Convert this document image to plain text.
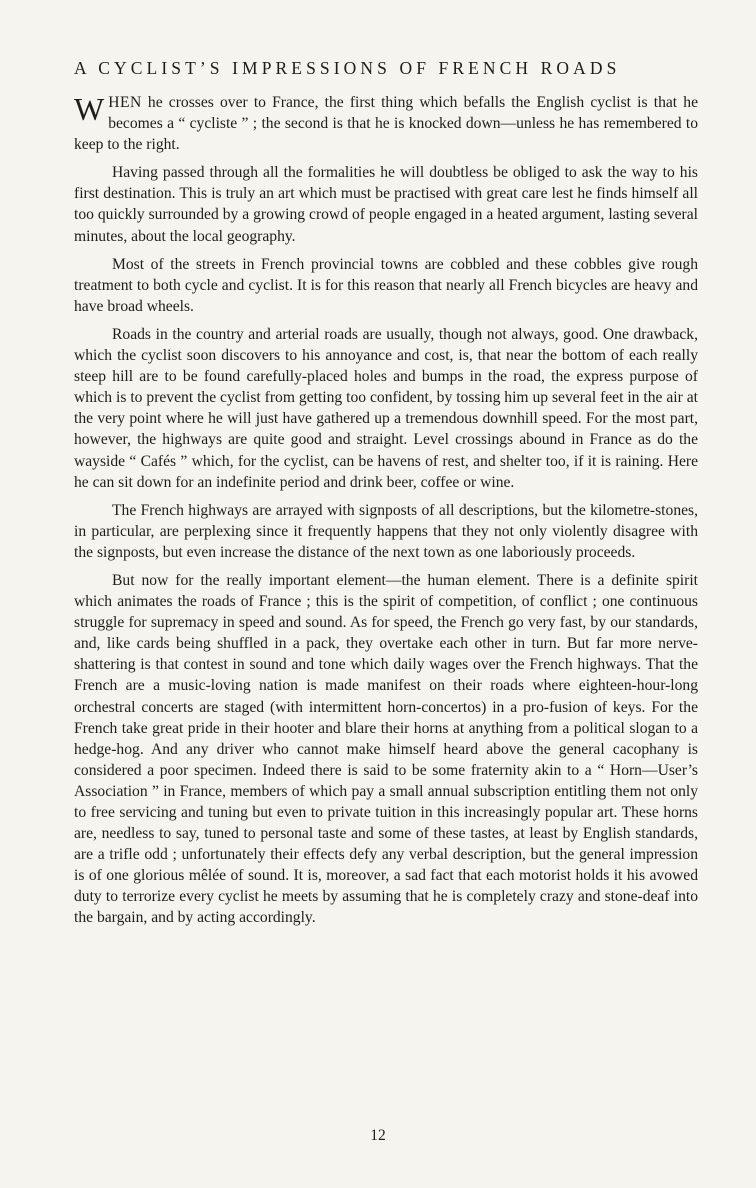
A CYCLIST’S IMPRESSIONS OF FRENCH ROADS

WHEN he crosses over to France, the first thing which befalls the English cyclist is that he becomes a “ cycliste ” ; the second is that he is knocked down—unless he has remembered to keep to the right.

Having passed through all the formalities he will doubtless be obliged to ask the way to his first destination. This is truly an art which must be practised with great care lest he finds himself all too quickly surrounded by a growing crowd of people engaged in a heated argument, lasting several minutes, about the local geography.

Most of the streets in French provincial towns are cobbled and these cobbles give rough treatment to both cycle and cyclist. It is for this reason that nearly all French bicycles are heavy and have broad wheels.

Roads in the country and arterial roads are usually, though not always, good. One drawback, which the cyclist soon discovers to his annoyance and cost, is, that near the bottom of each really steep hill are to be found carefully-placed holes and bumps in the road, the express purpose of which is to prevent the cyclist from getting too confident, by tossing him up several feet in the air at the very point where he will just have gathered up a tremendous downhill speed. For the most part, however, the highways are quite good and straight. Level crossings abound in France as do the wayside “ Cafés ” which, for the cyclist, can be havens of rest, and shelter too, if it is raining. Here he can sit down for an indefinite period and drink beer, coffee or wine.

The French highways are arrayed with signposts of all descriptions, but the kilometre-stones, in particular, are perplexing since it frequently happens that they not only violently disagree with the signposts, but even increase the distance of the next town as one laboriously proceeds.

But now for the really important element—the human element. There is a definite spirit which animates the roads of France ; this is the spirit of competition, of conflict ; one continuous struggle for supremacy in speed and sound. As for speed, the French go very fast, by our standards, and, like cards being shuffled in a pack, they overtake each other in turn. But far more nerve-shattering is that contest in sound and tone which daily wages over the French highways. That the French are a music-loving nation is made manifest on their roads where eighteen-hour-long orchestral concerts are staged (with intermittent horn-concertos) in a pro-fusion of keys. For the French take great pride in their hooter and blare their horns at anything from a political slogan to a hedge-hog. And any driver who cannot make himself heard above the general cacophany is considered a poor specimen. Indeed there is said to be some fraternity akin to a “ Horn—User’s Association ” in France, members of which pay a small annual subscription entitling them not only to free servicing and tuning but even to private tuition in this increasingly popular art. These horns are, needless to say, tuned to personal taste and some of these tastes, at least by English standards, are a trifle odd ; unfortunately their effects defy any verbal description, but the general impression is of one glorious mêlée of sound. It is, moreover, a sad fact that each motorist holds it his avowed duty to terrorize every cyclist he meets by assuming that he is completely crazy and stone-deaf into the bargain, and by acting accordingly.

12
